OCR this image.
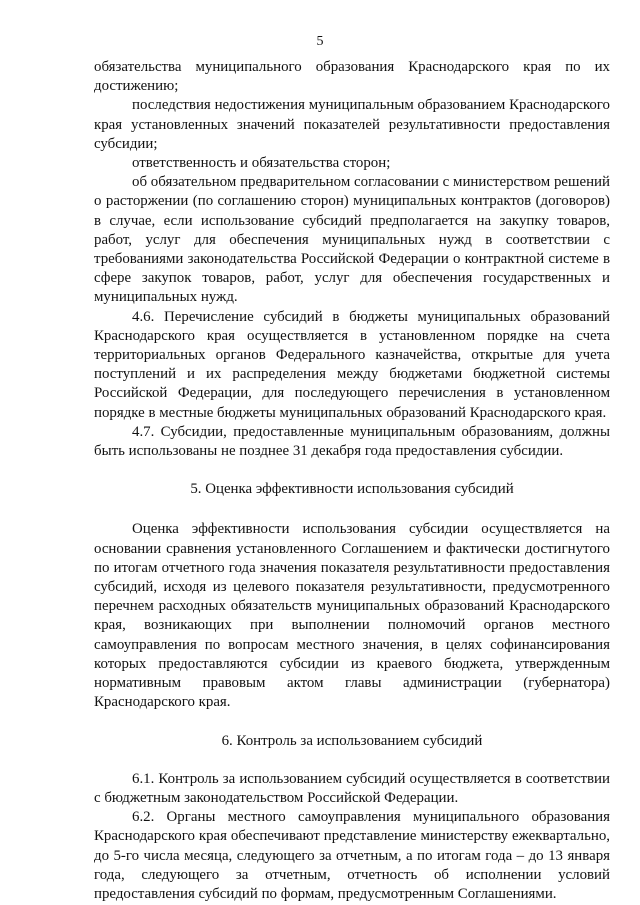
5

обязательства муниципального образования Краснодарского края по их достижению;

последствия недостижения муниципальным образованием Краснодарского края установленных значений показателей результативности предоставления субсидии;

ответственность и обязательства сторон;

об обязательном предварительном согласовании с министерством решений о расторжении (по соглашению сторон) муниципальных контрактов (договоров) в случае, если использование субсидий предполагается на закупку товаров, работ, услуг для обеспечения муниципальных нужд в соответствии с требованиями законодательства Российской Федерации о контрактной системе в сфере закупок товаров, работ, услуг для обеспечения государственных и муниципальных нужд.

4.6. Перечисление субсидий в бюджеты муниципальных образований Краснодарского края осуществляется в установленном порядке на счета территориальных органов Федерального казначейства, открытые для учета поступлений и их распределения между бюджетами бюджетной системы Российской Федерации, для последующего перечисления в установленном порядке в местные бюджеты муниципальных образований Краснодарского края.

4.7. Субсидии, предоставленные муниципальным образованиям, должны быть использованы не позднее 31 декабря года предоставления субсидии.

5. Оценка эффективности использования субсидий

Оценка эффективности использования субсидии осуществляется на основании сравнения установленного Соглашением и фактически достигнутого по итогам отчетного года значения показателя результативности предоставления субсидий, исходя из целевого показателя результативности, предусмотренного перечнем расходных обязательств муниципальных образований Краснодарского края, возникающих при выполнении полномочий органов местного самоуправления по вопросам местного значения, в целях софинансирования которых предоставляются субсидии из краевого бюджета, утвержденным нормативным правовым актом главы администрации (губернатора) Краснодарского края.

6. Контроль за использованием субсидий

6.1. Контроль за использованием субсидий осуществляется в соответствии с бюджетным законодательством Российской Федерации.

6.2. Органы местного самоуправления муниципального образования Краснодарского края обеспечивают представление министерству ежеквартально, до 5-го числа месяца, следующего за отчетным, а по итогам года – до 13 января года, следующего за отчетным, отчетность об исполнении условий предоставления субсидий по формам, предусмотренным Соглашениями.
